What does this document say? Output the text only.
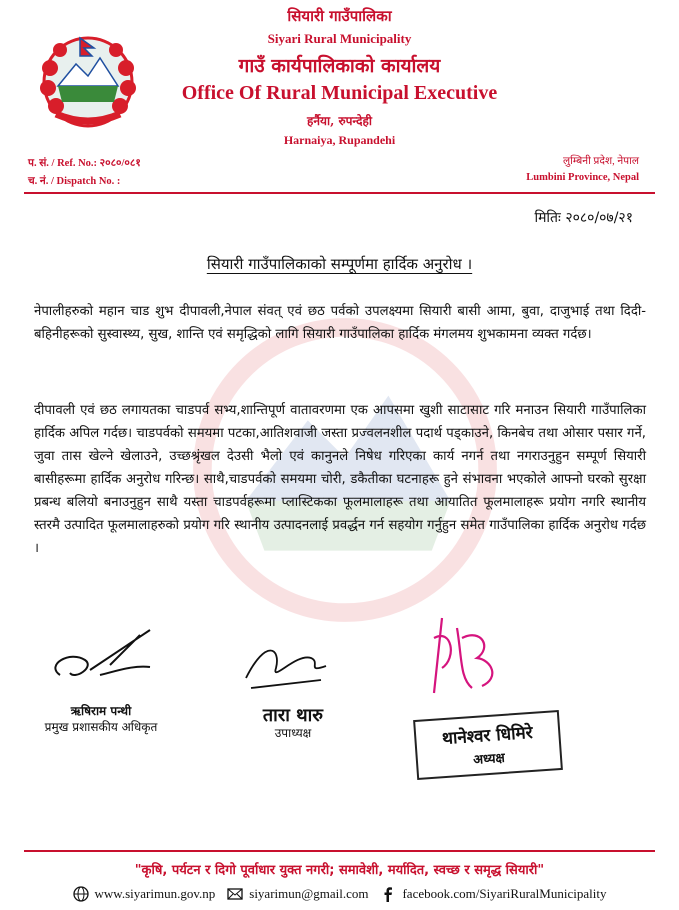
सियारी गाउँपालिका
Siyari Rural Municipality
गाउँ कार्यपालिकाको कार्यालय
Office Of Rural Municipal Executive
हर्नैया, रुपन्देही
Harnaiya, Rupandehi
प. सं. / Ref. No.: २०८०/०८१
च. नं. / Dispatch No. :
लुम्बिनी प्रदेश, नेपाल
Lumbini Province, Nepal
मितिः २०८०/०७/२१
सियारी गाउँपालिकाको सम्पूर्णमा हार्दिक अनुरोध ।
नेपालीहरुको महान चाड शुभ दीपावली,नेपाल संवत् एवं छठ पर्वको उपलक्ष्यमा सियारी बासी आमा, बुवा, दाजुभाई तथा दिदी-बहिनीहरूको सुस्वास्थ्य, सुख, शान्ति एवं समृद्धिको लागि सियारी गाउँपालिका हार्दिक मंगलमय शुभकामना व्यक्त गर्दछ।
दीपावली एवं छठ लगायतका चाडपर्व सभ्य,शान्तिपूर्ण वातावरणमा एक आपसमा खुशी साटासाट गरि मनाउन सियारी गाउँपालिका हार्दिक अपिल गर्दछ। चाडपर्वको समयमा पटका,आतिशवाजी जस्ता प्रज्वलनशील पदार्थ पड्काउने, किनबेच तथा ओसार पसार गर्ने, जुवा तास खेल्ने खेलाउने, उच्छश्रृंखल देउसी भैलो एवं कानुनले निषेध गरिएका कार्य नगर्न तथा नगराउनुहुन सम्पूर्ण सियारी बासीहरूमा हार्दिक अनुरोध गरिन्छ। साथै,चाडपर्वको समयमा चोरी, डकैतीका घटनाहरू हुने संभावना भएकोले आफ्नो घरको सुरक्षा प्रबन्ध बलियो बनाउनुहुन साथै यस्ता चाडपर्वहरूमा प्लास्टिकका फूलमालाहरू तथा आयातित फूलमालाहरू प्रयोग नगरि स्थानीय स्तरमै उत्पादित फूलमालाहरुको प्रयोग गरि स्थानीय उत्पादनलाई प्रवर्द्धन गर्न सहयोग गर्नुहुन समेत गाउँपालिका हार्दिक अनुरोध गर्दछ ।
ऋषिराम पन्थी
प्रमुख प्रशासकीय अधिकृत
तारा थारु
उपाध्यक्ष	थानेश्वर धिमिरे
अध्यक्ष
"कृषि, पर्यटन र दिगो पूर्वाधार युक्त नगरी; समावेशी, मर्यादित, स्वच्छ र समृद्ध सियारी"
www.siyarimun.gov.np	siyarimun@gmail.com	facebook.com/SiyariRuralMunicipality
